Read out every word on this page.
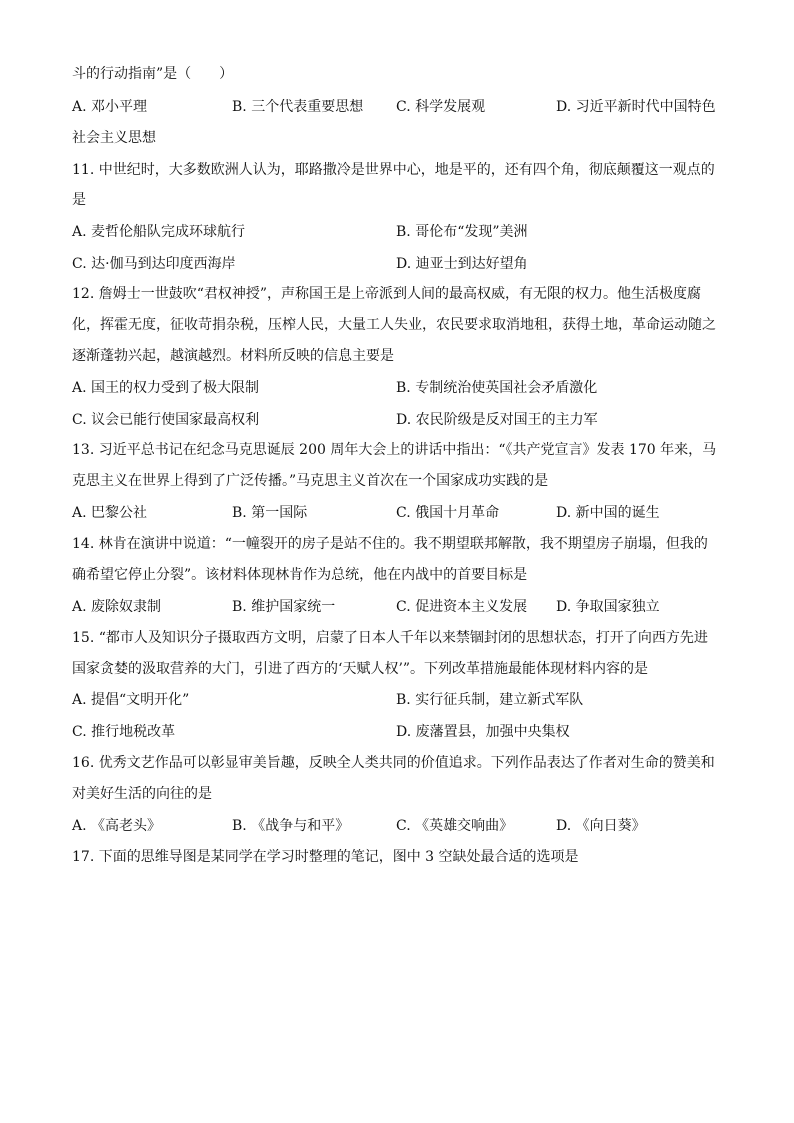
斗的行动指南”是（　　）
A. 邓小平理	B. 三个代表重要思想 C. 科学发展观	D. 习近平新时代中国特色
社会主义思想
11. 中世纪时，大多数欧洲人认为，耶路撒冷是世界中心，地是平的，还有四个角，彻底颠覆这一观点的
是
A. 麦哲伦船队完成环球航行	B. 哥伦布“发现”美洲
C. 达·伽马到达印度西海岸	D. 迪亚士到达好望角
12. 詹姆士一世鼓吹“君权神授”，声称国王是上帝派到人间的最高权威，有无限的权力。他生活极度腐
化，挥霍无度，征收苛捐杂税，压榨人民，大量工人失业，农民要求取消地租，获得土地，革命运动随之
逐渐蓬勃兴起，越演越烈。材料所反映的信息主要是
A. 国王的权力受到了极大限制	B. 专制统治使英国社会矛盾激化
C. 议会已能行使国家最高权利	D. 农民阶级是反对国王的主力军
13. 习近平总书记在纪念马克思诞辰 200 周年大会上的讲话中指出：“《共产党宣言》发表 170 年来，马
克思主义在世界上得到了广泛传播。”马克思主义首次在一个国家成功实践的是
A. 巴黎公社	B. 第一国际	C. 俄国十月革命	D. 新中国的诞生
14. 林肯在演讲中说道：“一幢裂开的房子是站不住的。我不期望联邦解散，我不期望房子崩塌，但我的
确希望它停止分裂”。该材料体现林肯作为总统，他在内战中的首要目标是
A. 废除奴隶制	B. 维护国家统一	C. 促进资本主义发展 D. 争取国家独立
15. “都市人及知识分子摄取西方文明，启蒙了日本人千年以来禁锢封闭的思想状态，打开了向西方先进
国家贪婪的汲取营养的大门，引进了西方的‘天赋人权’”。下列改革措施最能体现材料内容的是
A. 提倡“文明开化”	B. 实行征兵制，建立新式军队
C. 推行地税改革	D. 废藩置县，加强中央集权
16. 优秀文艺作品可以彰显审美旨趣，反映全人类共同的价值追求。下列作品表达了作者对生命的赞美和
对美好生活的向往的是
A. 《高老头》	B. 《战争与和平》	C. 《英雄交响曲》	D. 《向日葵》
17. 下面的思维导图是某同学在学习时整理的笔记，图中 3 空缺处最合适的选项是
